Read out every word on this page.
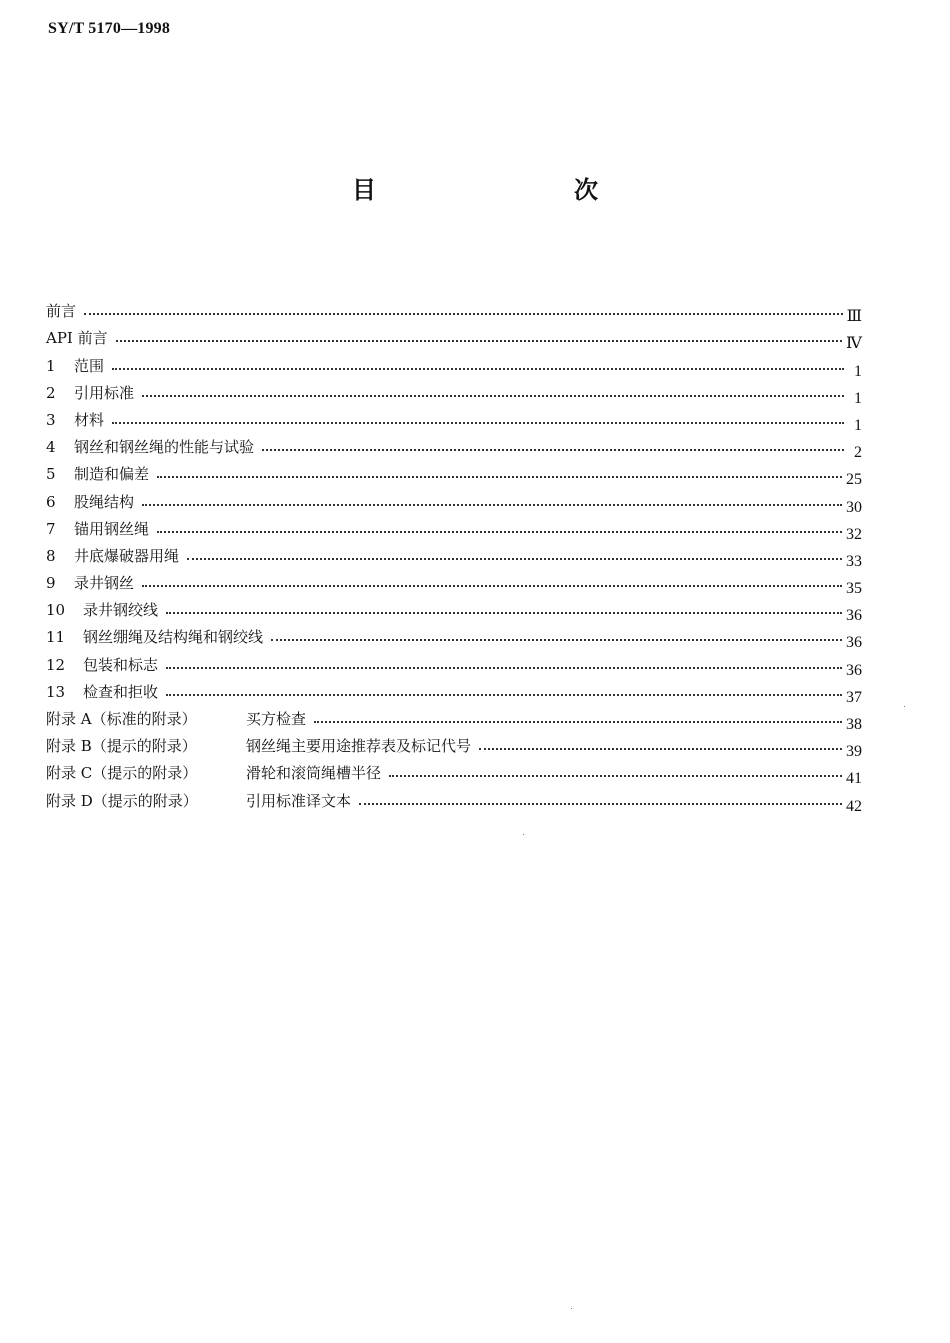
SY/T 5170—1998
目　　次
前言	Ⅲ
API 前言	Ⅳ
1	范围	1
2	引用标准	1
3	材料	1
4	钢丝和钢丝绳的性能与试验	2
5	制造和偏差	25
6	股绳结构	30
7	锚用钢丝绳	32
8	井底爆破器用绳	33
9	录井钢丝	35
10	录井钢绞线	36
11	钢丝绷绳及结构绳和钢绞线	36
12	包装和标志	36
13	检查和拒收	37
附录 A（标准的附录）	买方检查	38
附录 B（提示的附录）	钢丝绳主要用途推荐表及标记代号	39
附录 C（提示的附录）	滑轮和滚筒绳槽半径	41
附录 D（提示的附录）	引用标准译文本	42
